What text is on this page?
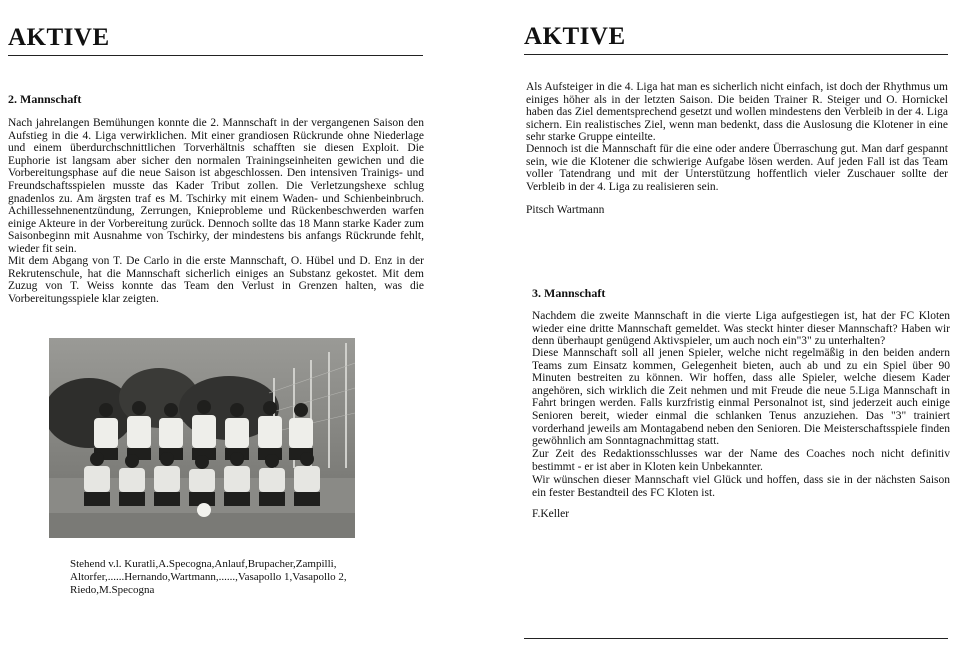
AKTIVE
2. Mannschaft

Nach jahrelangen Bemühungen konnte die 2. Mannschaft in der vergangenen Saison den Aufstieg in die 4. Liga verwirklichen. Mit einer grandiosen Rückrunde ohne Niederlage und einem überdurchschnittlichen Torverhältnis schafften sie diesen Exploit. Die Euphorie ist langsam aber sicher den normalen Trainingseinheiten gewichen und die Vorbereitungsphase auf die neue Saison ist abgeschlossen. Den intensiven Trainigs- und Freundschaftsspielen musste das Kader Tribut zollen. Die Verletzungshexe schlug gnadenlos zu. Am ärgsten traf es M. Tschirky mit einem Waden- und Schienbeinbruch. Achillessehnenentzündung, Zerrungen, Knieprobleme und Rückenbeschwerden warfen einige Akteure in der Vorbereitung zurück. Dennoch sollte das 18 Mann starke Kader zum Saisonbeginn mit Ausnahme von Tschirky, der mindestens bis anfangs Rückrunde fehlt, wieder fit sein.

Mit dem Abgang von T. De Carlo in die erste Mannschaft, O. Hübel und D. Enz in der Rekrutenschule, hat die Mannschaft sicherlich einiges an Substanz gekostet. Mit dem Zuzug von T. Weiss konnte das Team den Verlust in Grenzen halten, was die Vorbereitungsspiele klar zeigten.

Stehend v.l. Kuratli,A.Specogna,Anlauf,Brupacher,Zampilli, Altorfer,......Hernando,Wartmann,......,Vasapollo 1,Vasapollo 2, Riedo,M.Specogna
AKTIVE

Als Aufsteiger in die 4. Liga hat man es sicherlich nicht einfach, ist doch der Rhythmus um einiges höher als in der letzten Saison. Die beiden Trainer R. Steiger und O. Hornickel haben das Ziel dementsprechend gesetzt und wollen mindestens den Verbleib in der 4. Liga sichern. Ein realistisches Ziel, wenn man bedenkt, dass die Auslosung die Klotener in eine sehr starke Gruppe einteilte.

Dennoch ist die Mannschaft für die eine oder andere Überraschung gut. Man darf gespannt sein, wie die Klotener die schwierige Aufgabe lösen werden. Auf jeden Fall ist das Team voller Tatendrang und mit der Unterstützung hoffentlich vieler Zuschauer sollte der Verbleib in der 4. Liga zu realisieren sein.

Pitsch Wartmann
3. Mannschaft

Nachdem die zweite Mannschaft in die vierte Liga aufgestiegen ist, hat der FC Kloten wieder eine dritte Mannschaft gemeldet. Was steckt hinter dieser Mannschaft? Haben wir denn überhaupt genügend Aktivspieler, um auch noch ein"3" zu unterhalten?

Diese Mannschaft soll all jenen Spieler, welche nicht regelmäßig in den beiden andern Teams zum Einsatz kommen, Gelegenheit bieten, auch ab und zu ein Spiel über 90 Minuten bestreiten zu können. Wir hoffen, dass alle Spieler, welche diesem Kader angehören, sich wirklich die Zeit nehmen und mit Freude die neue 5.Liga Mannschaft in Fahrt bringen werden. Falls kurzfristig einmal Personalnot ist, sind jederzeit auch einige Senioren bereit, wieder einmal die schlanken Tenus anzuziehen. Das "3" trainiert vorderhand jeweils am Montagabend neben den Senioren. Die Meisterschaftsspiele finden gewöhnlich am Sonntagnachmittag statt.

Zur Zeit des Redaktionsschlusses war der Name des Coaches noch nicht definitiv bestimmt - er ist aber in Kloten kein Unbekannter.

Wir wünschen dieser Mannschaft viel Glück und hoffen, dass sie in der nächsten Saison ein fester Bestandteil des FC Kloten ist.

F.Keller
